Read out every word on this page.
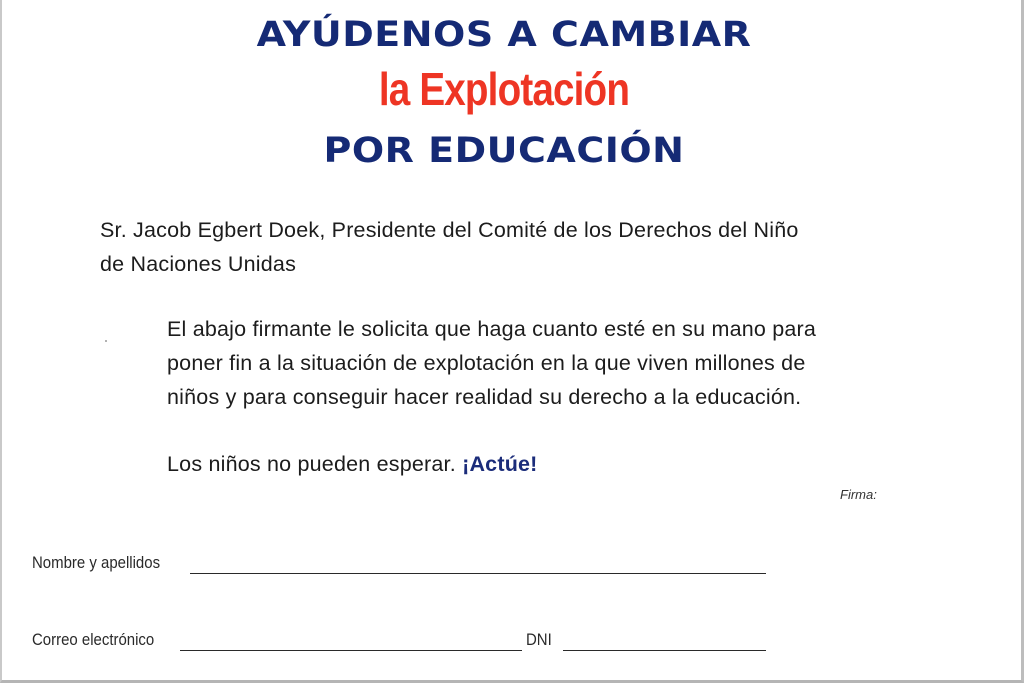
AYÚDENOS A CAMBIAR
la Explotación
POR EDUCACIÓN
Sr. Jacob Egbert Doek, Presidente del Comité de los Derechos del Niño
de Naciones Unidas
El abajo firmante le solicita que haga cuanto esté en su mano para
poner fin a la situación de explotación en la que viven millones de
niños y para conseguir hacer realidad su derecho a la educación.
Los niños no pueden esperar. ¡Actúe!
Firma:
Nombre y apellidos
Correo electrónico	DNI
